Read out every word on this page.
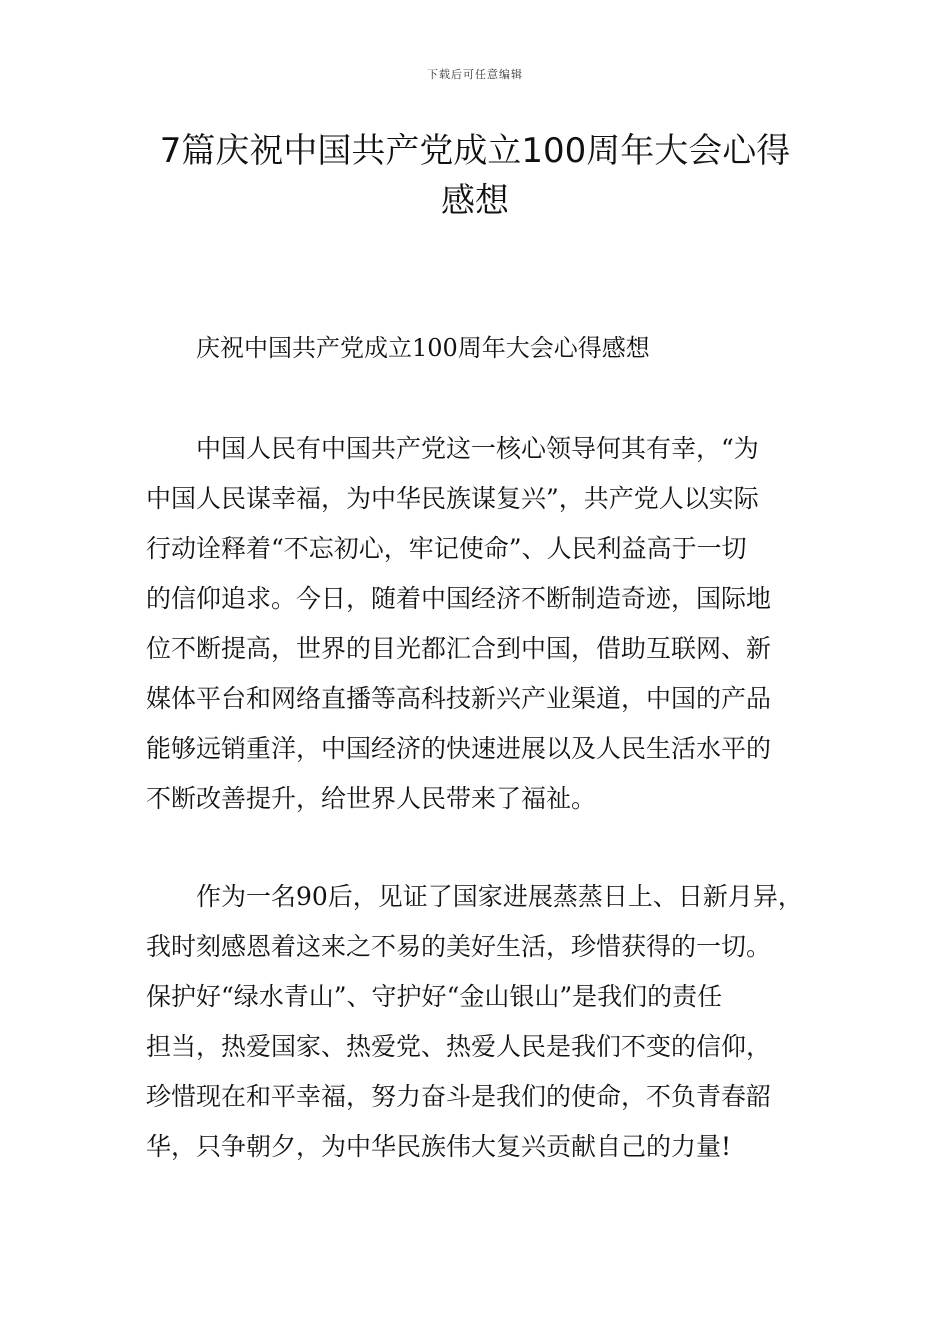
下载后可任意编辑
7篇庆祝中国共产党成立100周年大会心得
感想
庆祝中国共产党成立100周年大会心得感想
中国人民有中国共产党这一核心领导何其有幸，“为
中国人民谋幸福，为中华民族谋复兴”，共产党人以实际
行动诠释着“不忘初心，牢记使命”、人民利益高于一切
的信仰追求。今日，随着中国经济不断制造奇迹，国际地
位不断提高，世界的目光都汇合到中国，借助互联网、新
媒体平台和网络直播等高科技新兴产业渠道，中国的产品
能够远销重洋，中国经济的快速进展以及人民生活水平的
不断改善提升，给世界人民带来了福祉。
作为一名90后，见证了国家进展蒸蒸日上、日新月异，
我时刻感恩着这来之不易的美好生活，珍惜获得的一切。
保护好“绿水青山”、守护好“金山银山”是我们的责任
担当，热爱国家、热爱党、热爱人民是我们不变的信仰，
珍惜现在和平幸福，努力奋斗是我们的使命，不负青春韶
华，只争朝夕，为中华民族伟大复兴贡献自己的力量!
